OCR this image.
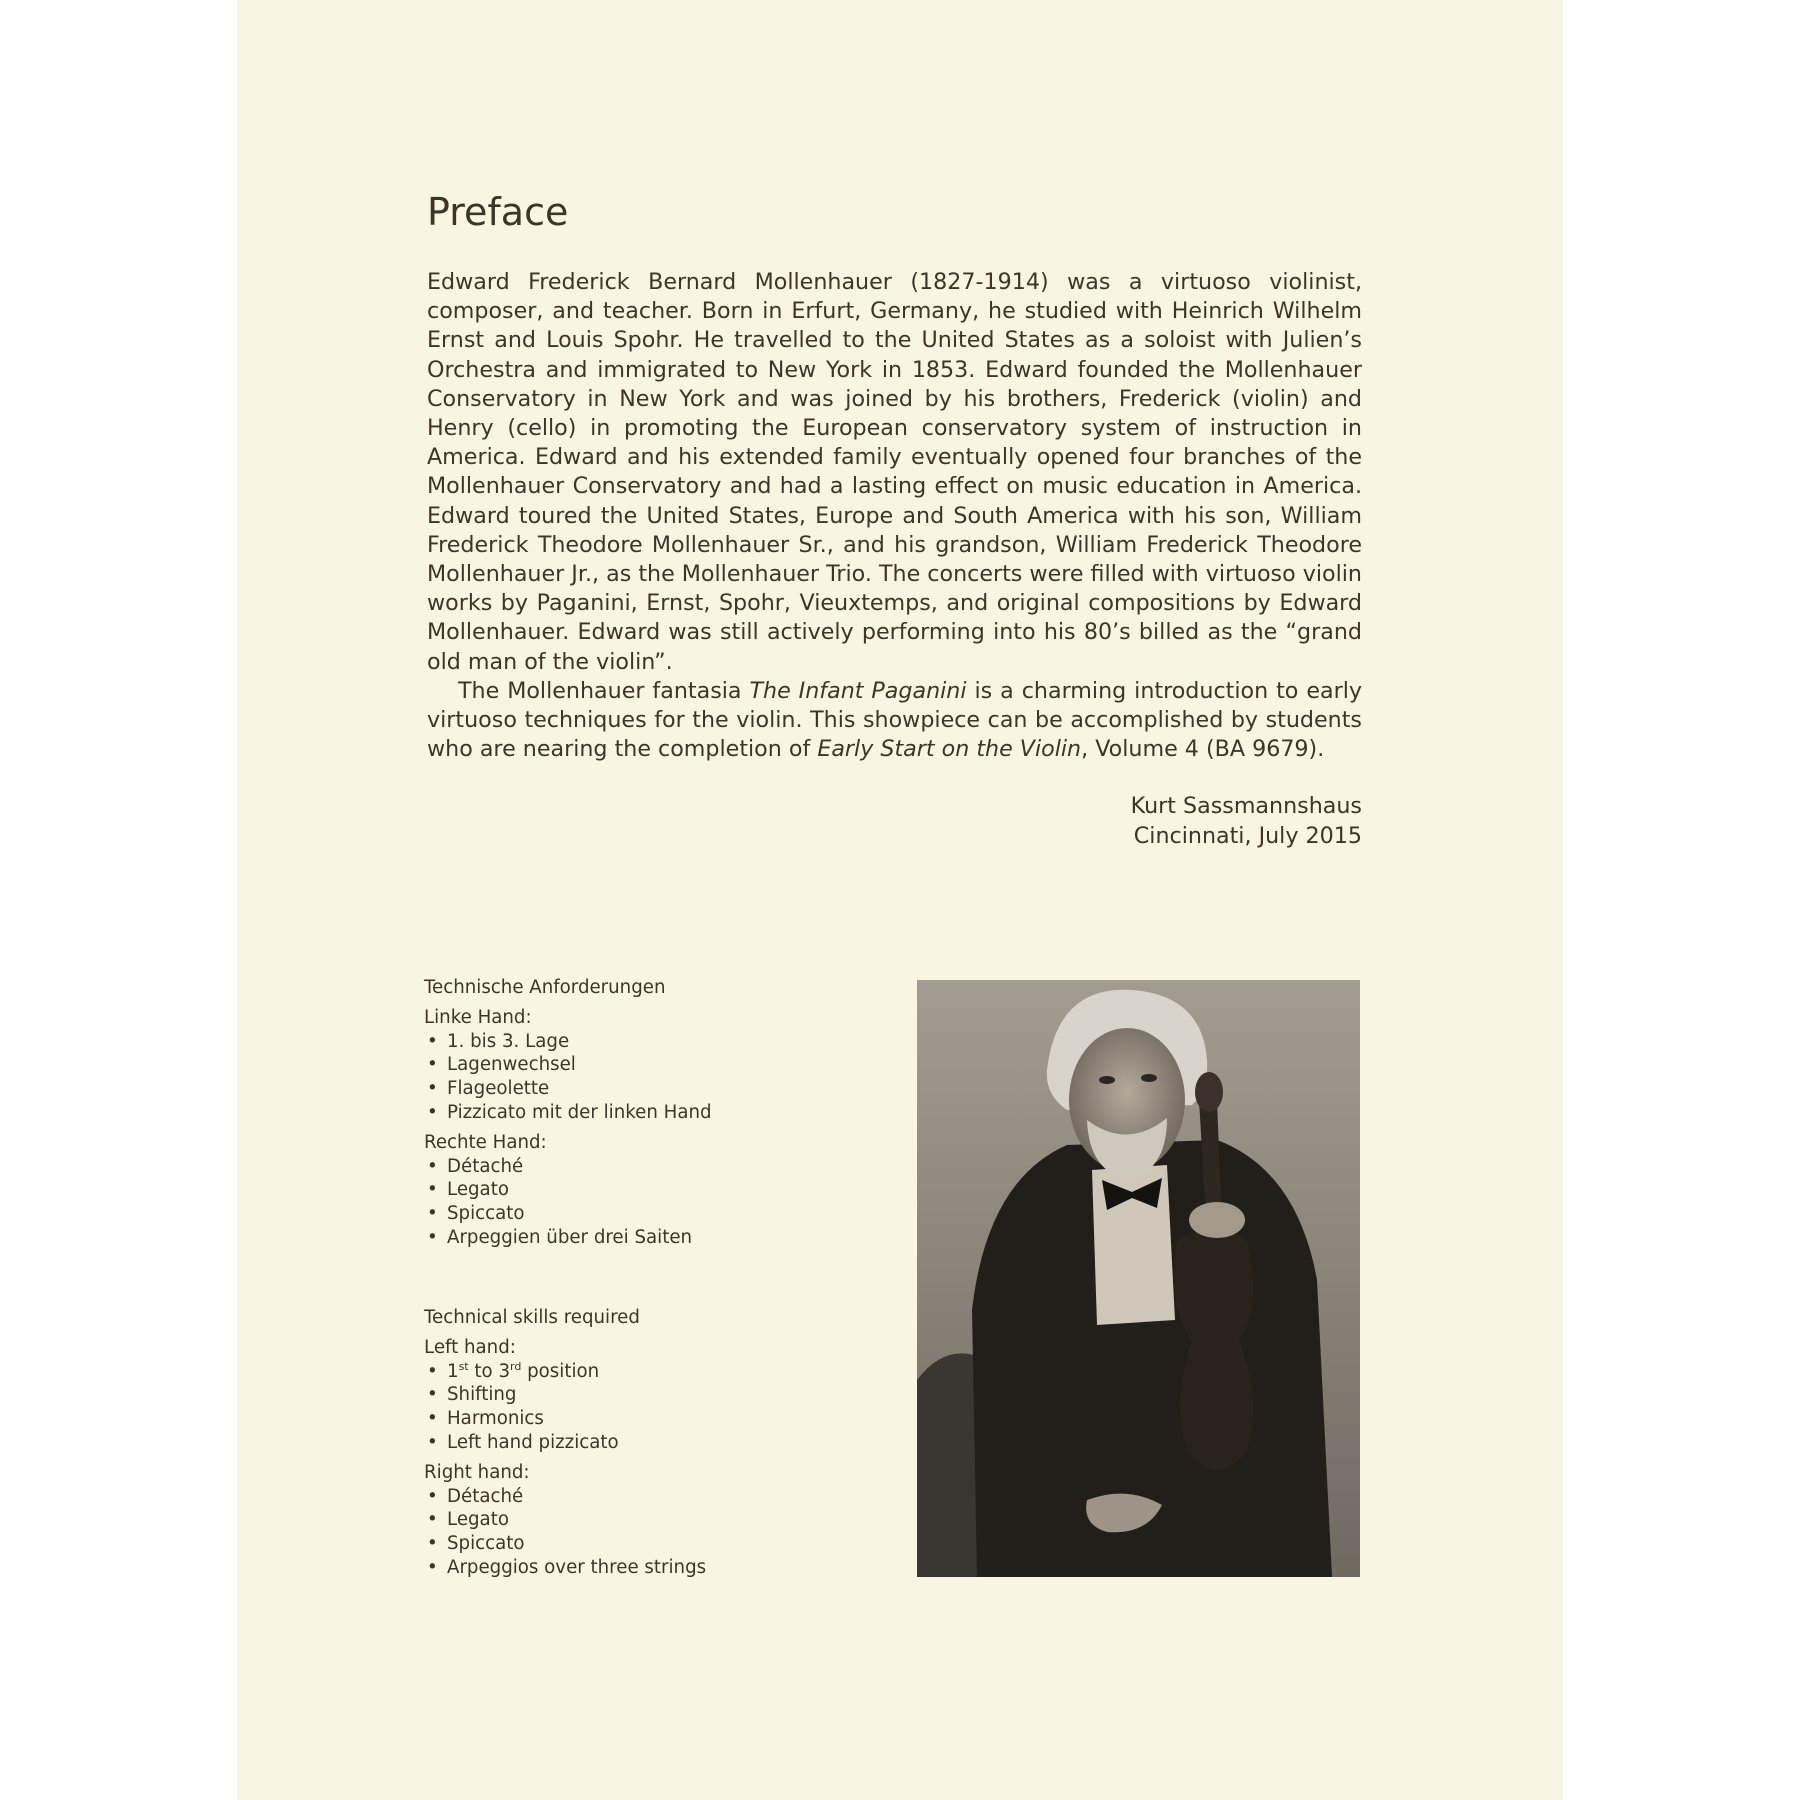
Preface

Edward Frederick Bernard Mollenhauer (1827-1914) was a virtuoso violinist, composer, and teacher. Born in Erfurt, Germany, he studied with Heinrich Wilhelm Ernst and Louis Spohr. He travelled to the United States as a soloist with Julien’s Orchestra and immigrated to New York in 1853. Edward founded the Mollenhauer Conservatory in New York and was joined by his brothers, Frederick (violin) and Henry (cello) in promoting the European conservatory system of instruction in America. Edward and his extended family eventually opened four branches of the Mollenhauer Conservatory and had a lasting effect on music education in America. Edward toured the United States, Europe and South America with his son, William Frederick Theodore Mollenhauer Sr., and his grandson, William Frederick Theodore Mollenhauer Jr., as the Mollenhauer Trio. The concerts were filled with virtuoso violin works by Paganini, Ernst, Spohr, Vieuxtemps, and original compositions by Edward Mollenhauer. Edward was still actively performing into his 80’s billed as the “grand old man of the violin”.

The Mollenhauer fantasia The Infant Paganini is a charming introduction to early virtuoso techniques for the violin. This showpiece can be accomplished by students who are nearing the completion of Early Start on the Violin, Volume 4 (BA 9679).

Kurt Sassmannshaus
Cincinnati, July 2015

Technische Anforderungen

Linke Hand:

• 1. bis 3. Lage
• Lagenwechsel
• Flageolette
• Pizzicato mit der linken Hand

Rechte Hand:

• Détaché
• Legato
• Spiccato
• Arpeggien über drei Saiten

Technical skills required

Left hand:

• 1st to 3rd position
• Shifting
• Harmonics
• Left hand pizzicato

Right hand:

• Détaché
• Legato
• Spiccato
• Arpeggios over three strings
